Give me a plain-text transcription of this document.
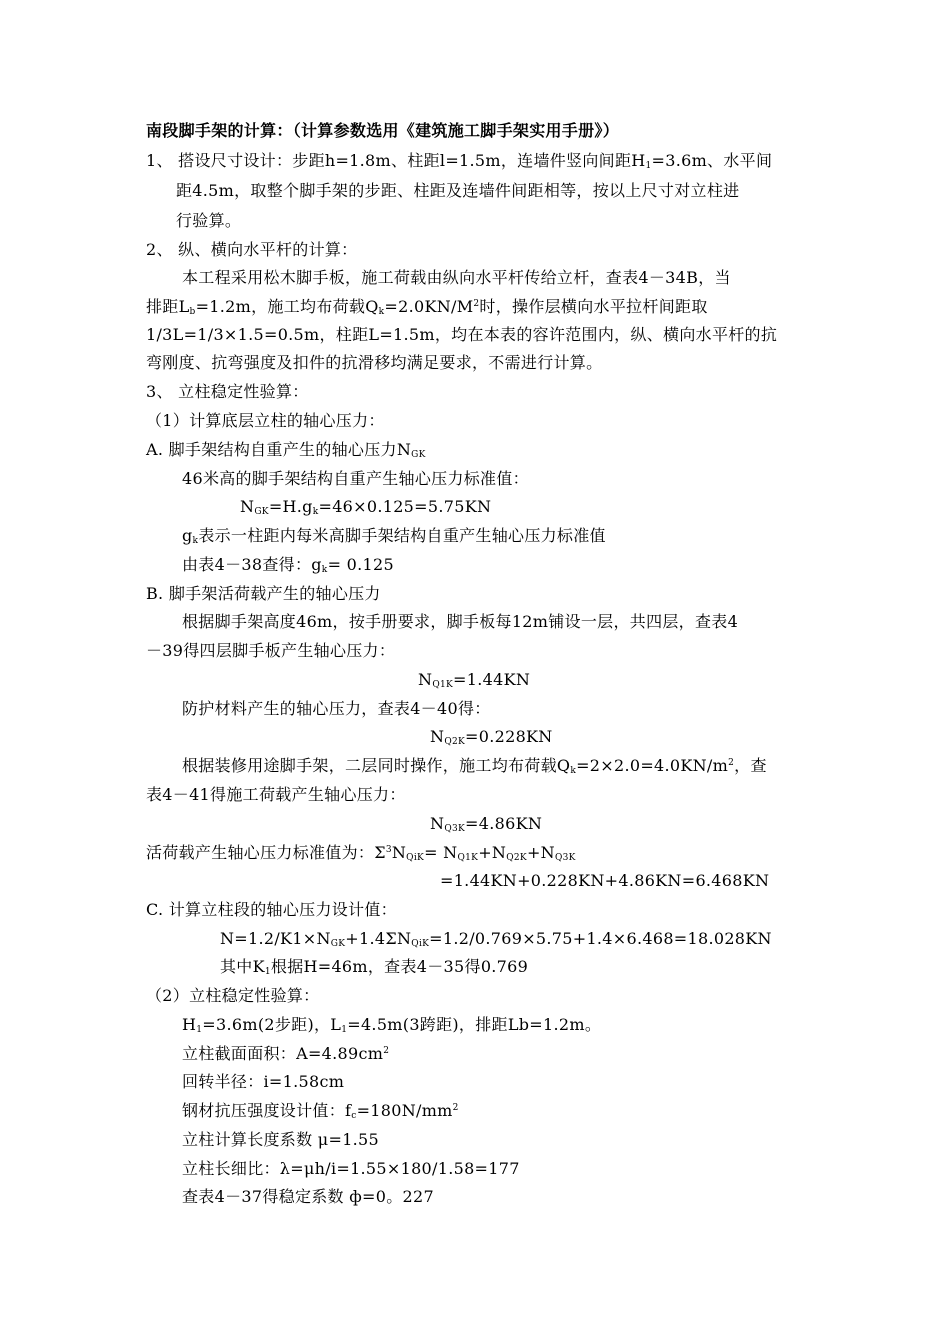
南段脚手架的计算：（计算参数选用《建筑施工脚手架实用手册》）
1、 搭设尺寸设计：步距h=1.8m、柱距l=1.5m，连墙件竖向间距$H_1=3.6m$、水平间
距4.5m，取整个脚手架的步距、柱距及连墙件间距相等，按以上尺寸对立柱进
行验算。
2、 纵、横向水平杆的计算：
本工程采用松木脚手板，施工荷载由纵向水平杆传给立杆，查表4－34B，当
排距$L_b=1.2m$，施工均布荷载$Q_k=2.0KN/M^2$时，操作层横向水平拉杆间距取
1/3L=1/3×1.5=0.5m，柱距L=1.5m，均在本表的容许范围内，纵、横向水平杆的抗
弯刚度、抗弯强度及扣件的抗滑移均满足要求，不需进行计算。
3、 立柱稳定性验算：
（1）计算底层立柱的轴心压力：
A. 脚手架结构自重产生的轴心压力$N_{GK}$
46米高的脚手架结构自重产生轴心压力标准值：
$N_{GK}=H.g_k=46\times 0.125=5.75KN$
$g_k$表示一柱距内每米高脚手架结构自重产生轴心压力标准值
由表4－38查得：$g_k= 0.125$
B. 脚手架活荷载产生的轴心压力
根据脚手架高度46m，按手册要求，脚手板每12m铺设一层，共四层，查表4
－39得四层脚手板产生轴心压力：
$N_{Q1K}=1.44KN$
防护材料产生的轴心压力，查表4－40得：
$N_{Q2K}=0.228KN$
根据装修用途脚手架，二层同时操作，施工均布荷载$Q_k=2\times 2.0=4.0KN/m^2$，查
表4－41得施工荷载产生轴心压力：
$N_{Q3K}=4.86KN$
活荷载产生轴心压力标准值为：$\Sigma^3N_{QiK}= N_{Q1K}+N_{Q2K}+N_{Q3K}$
=1.44KN+0.228KN+4.86KN=6.468KN
C. 计算立柱段的轴心压力设计值：
$N=1.2/K1\times N_{GK}+1.4\Sigma N_{QiK}=1.2/0.769\times 5.75+1.4\times 6.468=18.028KN$
其中$K_1$根据H=46m，查表4－35得0.769
（2）立柱稳定性验算：
$H_1=3.6m(2$步距)，$L_1=4.5m(3$跨距)，排距Lb=1.2m。
立柱截面面积：$A=4.89cm^2$
回转半径：i=1.58cm
钢材抗压强度设计值：$f_c=180N/mm^2$
立柱计算长度系数 μ=1.55
立柱长细比：λ=μh/i=1.55×180/1.58=177
查表4－37得稳定系数 ф=0。227
